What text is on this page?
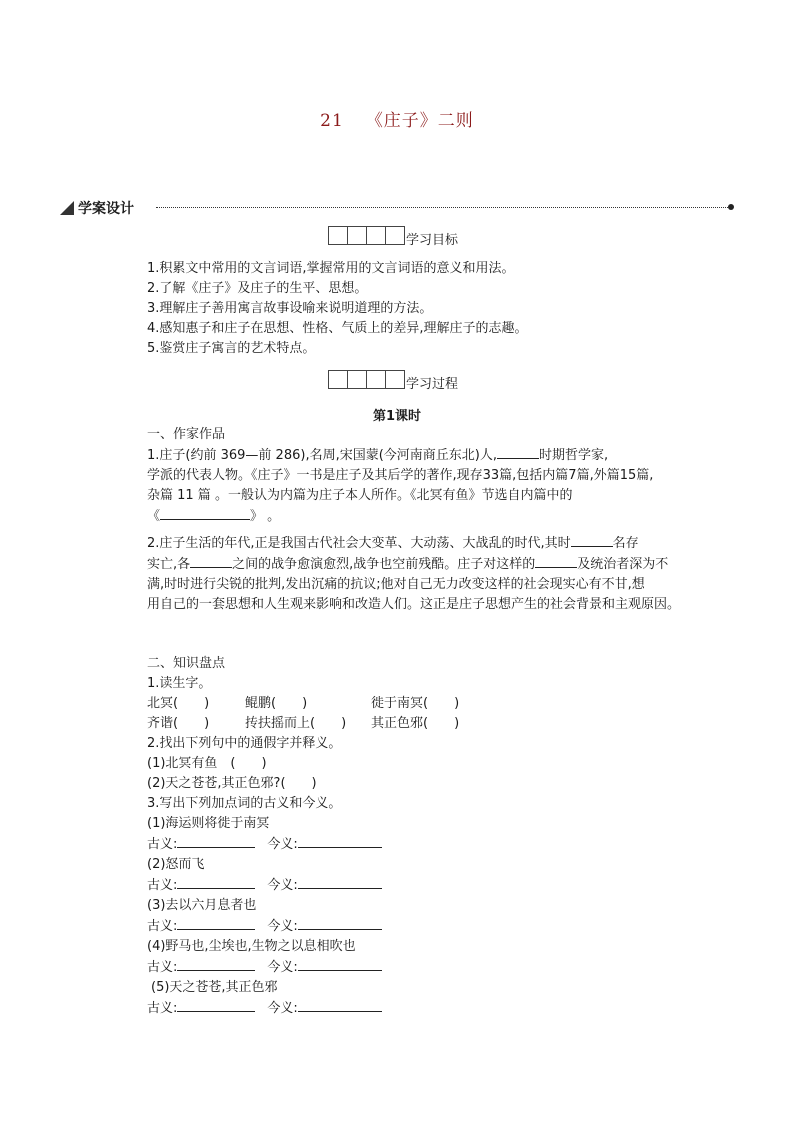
21 《庄子》二则
学案设计
学习目标
1.积累文中常用的文言词语,掌握常用的文言词语的意义和用法。
2.了解《庄子》及庄子的生平、思想。
3.理解庄子善用寓言故事设喻来说明道理的方法。
4.感知惠子和庄子在思想、性格、气质上的差异,理解庄子的志趣。
5.鉴赏庄子寓言的艺术特点。
学习过程
第1课时
一、作家作品
1.庄子(约前 369—前 286),名周,宋国蒙(今河南商丘东北)人,	时期哲学家,
学派的代表人物。《庄子》一书是庄子及其后学的著作,现存33篇,包括内篇7篇,外篇15篇,
杂篇 11 篇 。一般认为内篇为庄子本人所作。《北冥有鱼》节选自内篇中的
《	》 。
2.庄子生活的年代,正是我国古代社会大变革、大动荡、大战乱的时代,其时	名存
实亡,各	之间的战争愈演愈烈,战争也空前残酷。庄子对这样的	及统治者深为不
满,时时进行尖锐的批判,发出沉痛的抗议;他对自己无力改变这样的社会现实心有不甘,想
用自己的一套思想和人生观来影响和改造人们。这正是庄子思想产生的社会背景和主观原因。
二、知识盘点
1.读生字。
北冥(　　)	鲲鹏(　　)	徙于南冥(　　)
齐谐(　　)	抟扶摇而上(　　) 其正色邪(　　)
2.找出下列句中的通假字并释义。
(1)北冥有鱼　(　　)
(2)天之苍苍,其正色邪?(　　)
3.写出下列加点词的古义和今义。
(1)海运则将徙于南冥
古义:	今义:
(2)怒而飞
古义:	今义:
(3)去以六月息者也
古义:	今义:
(4)野马也,尘埃也,生物之以息相吹也
古义:	今义:
(5)天之苍苍,其正色邪
古义:	今义:
